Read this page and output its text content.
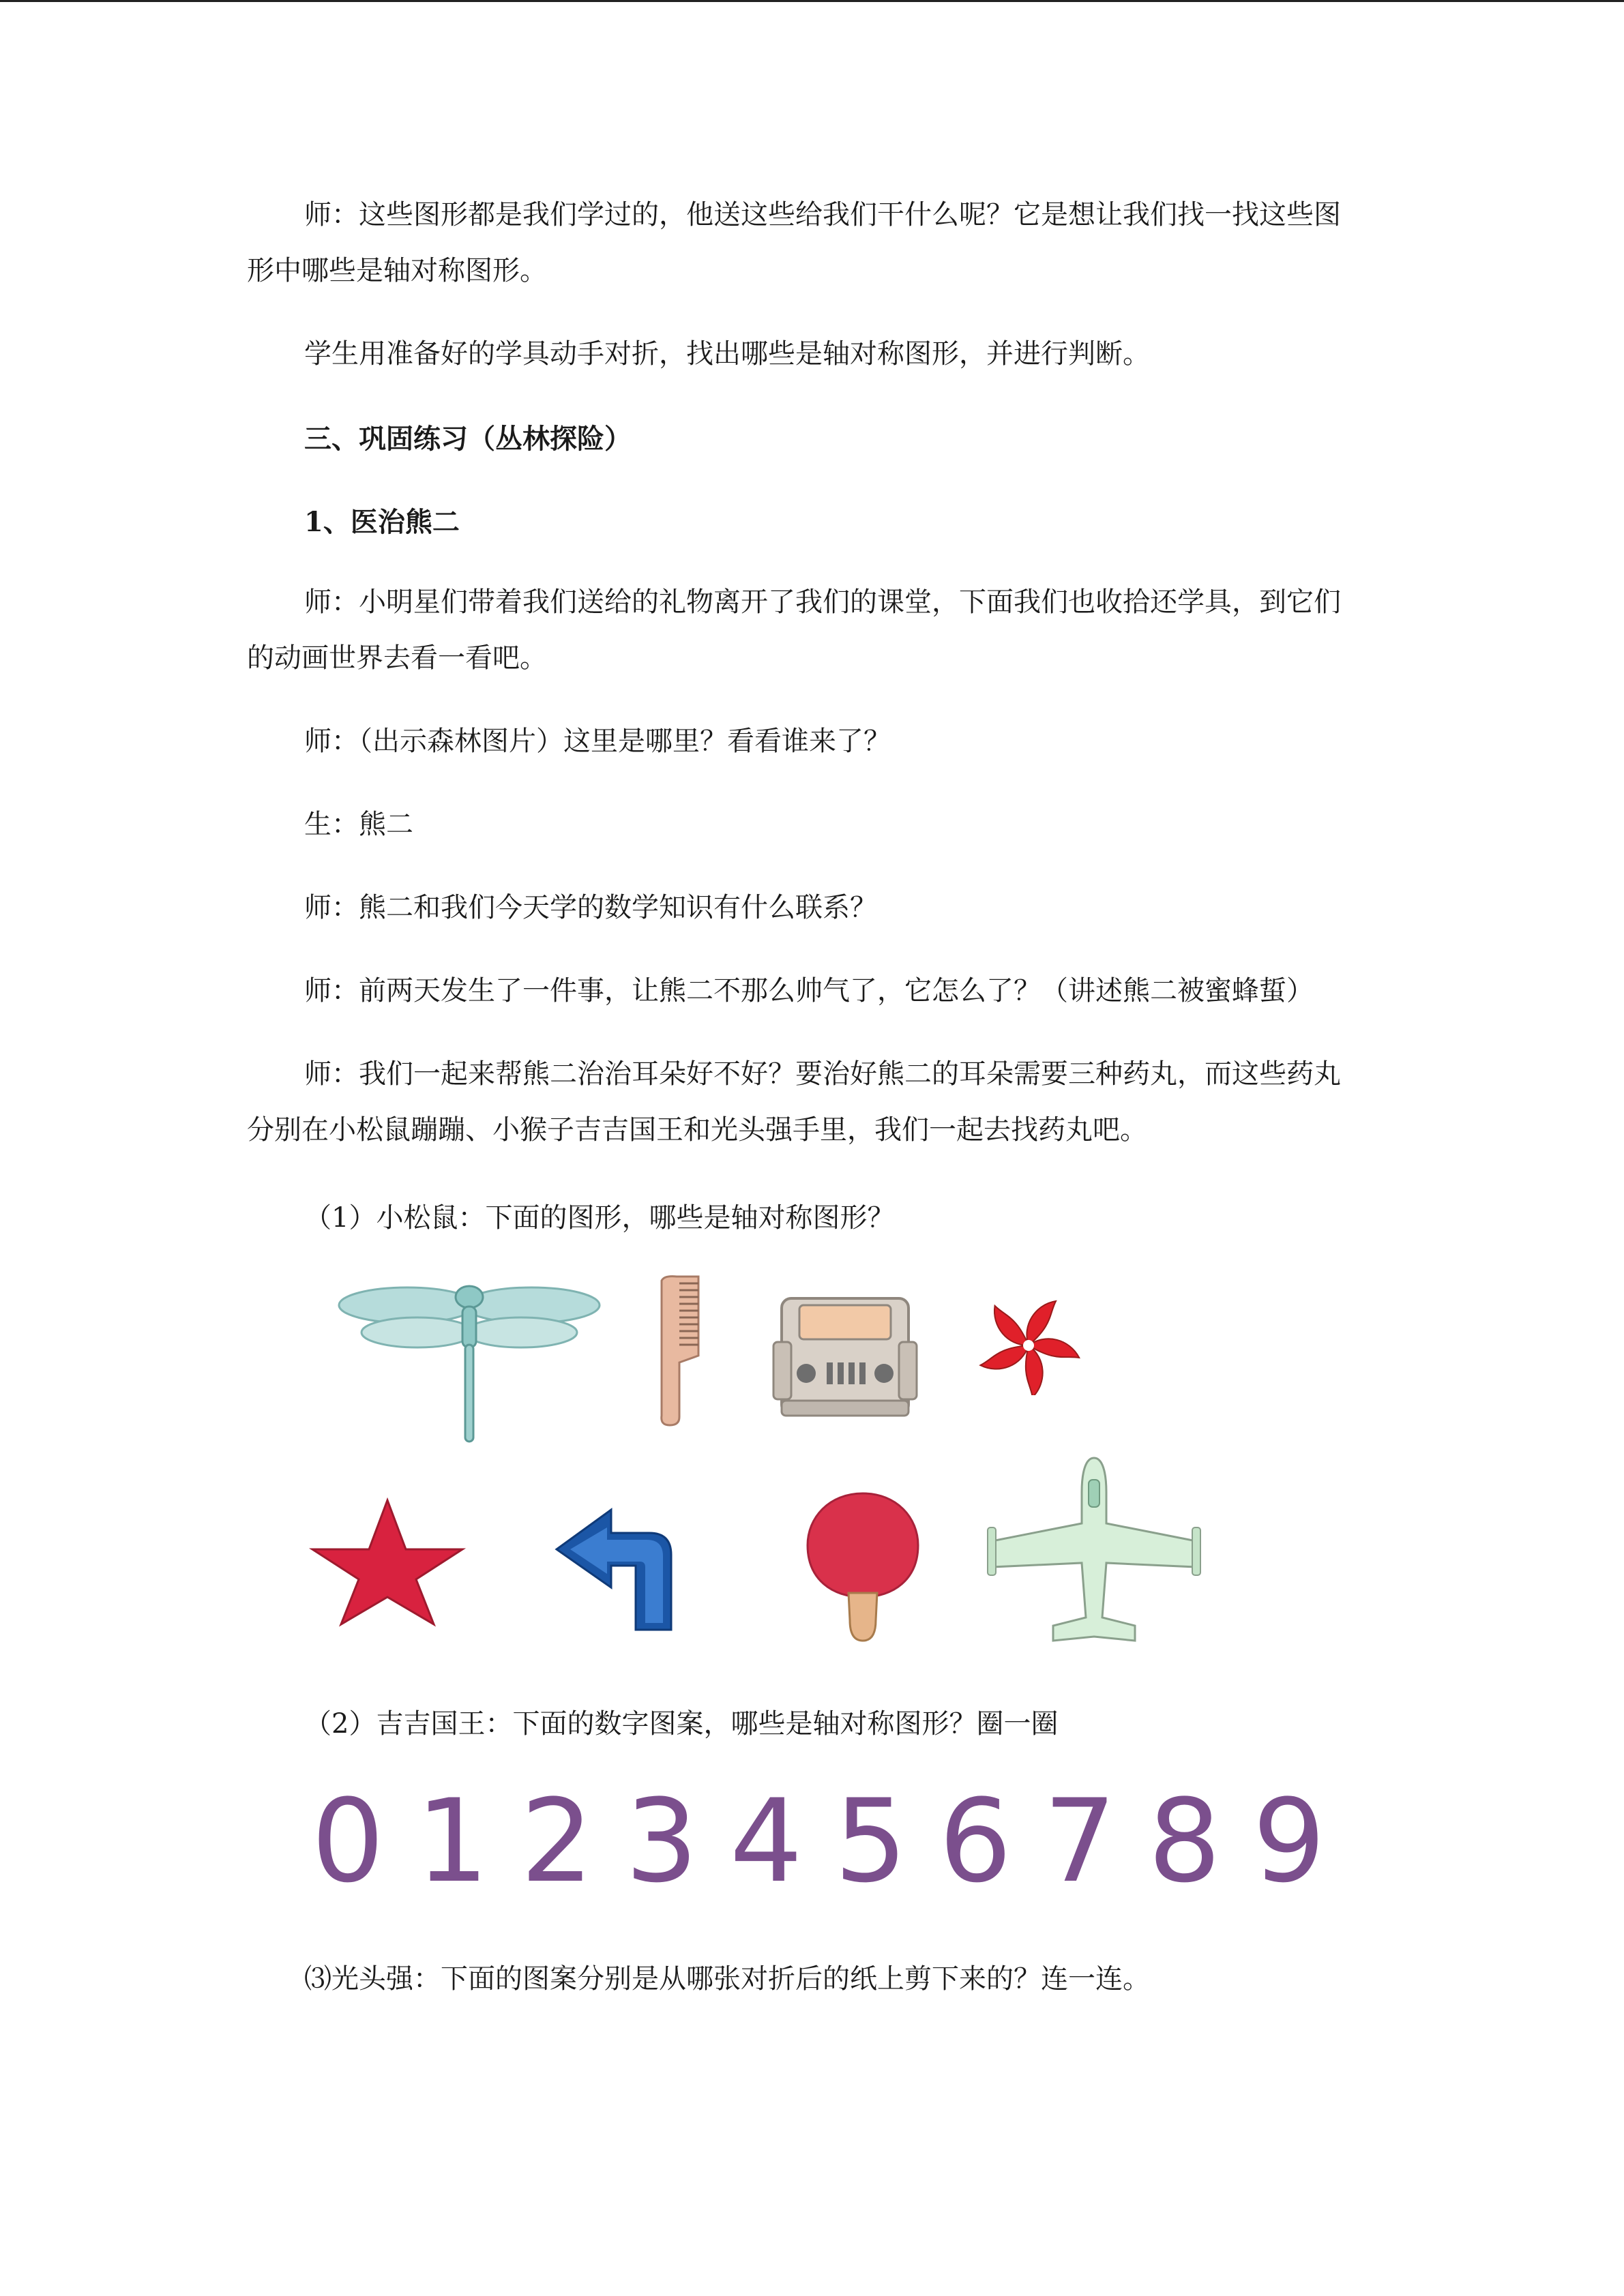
师：这些图形都是我们学过的，他送这些给我们干什么呢？它是想让我们找一找这些图形中哪些是轴对称图形。

学生用准备好的学具动手对折，找出哪些是轴对称图形，并进行判断。

三、巩固练习（丛林探险）

1、医治熊二

师：小明星们带着我们送给的礼物离开了我们的课堂，下面我们也收拾还学具，到它们的动画世界去看一看吧。

师：（出示森林图片）这里是哪里？看看谁来了？

生：熊二

师：熊二和我们今天学的数学知识有什么联系？

师：前两天发生了一件事，让熊二不那么帅气了，它怎么了？（讲述熊二被蜜蜂蜇）

师：我们一起来帮熊二治治耳朵好不好？要治好熊二的耳朵需要三种药丸，而这些药丸分别在小松鼠蹦蹦、小猴子吉吉国王和光头强手里，我们一起去找药丸吧。

（1）小松鼠：下面的图形，哪些是轴对称图形？

（2）吉吉国王：下面的数字图案，哪些是轴对称图形？圈一圈

0 1 2 3 4 5 6 7 8 9

⑶光头强：下面的图案分别是从哪张对折后的纸上剪下来的？连一连。
